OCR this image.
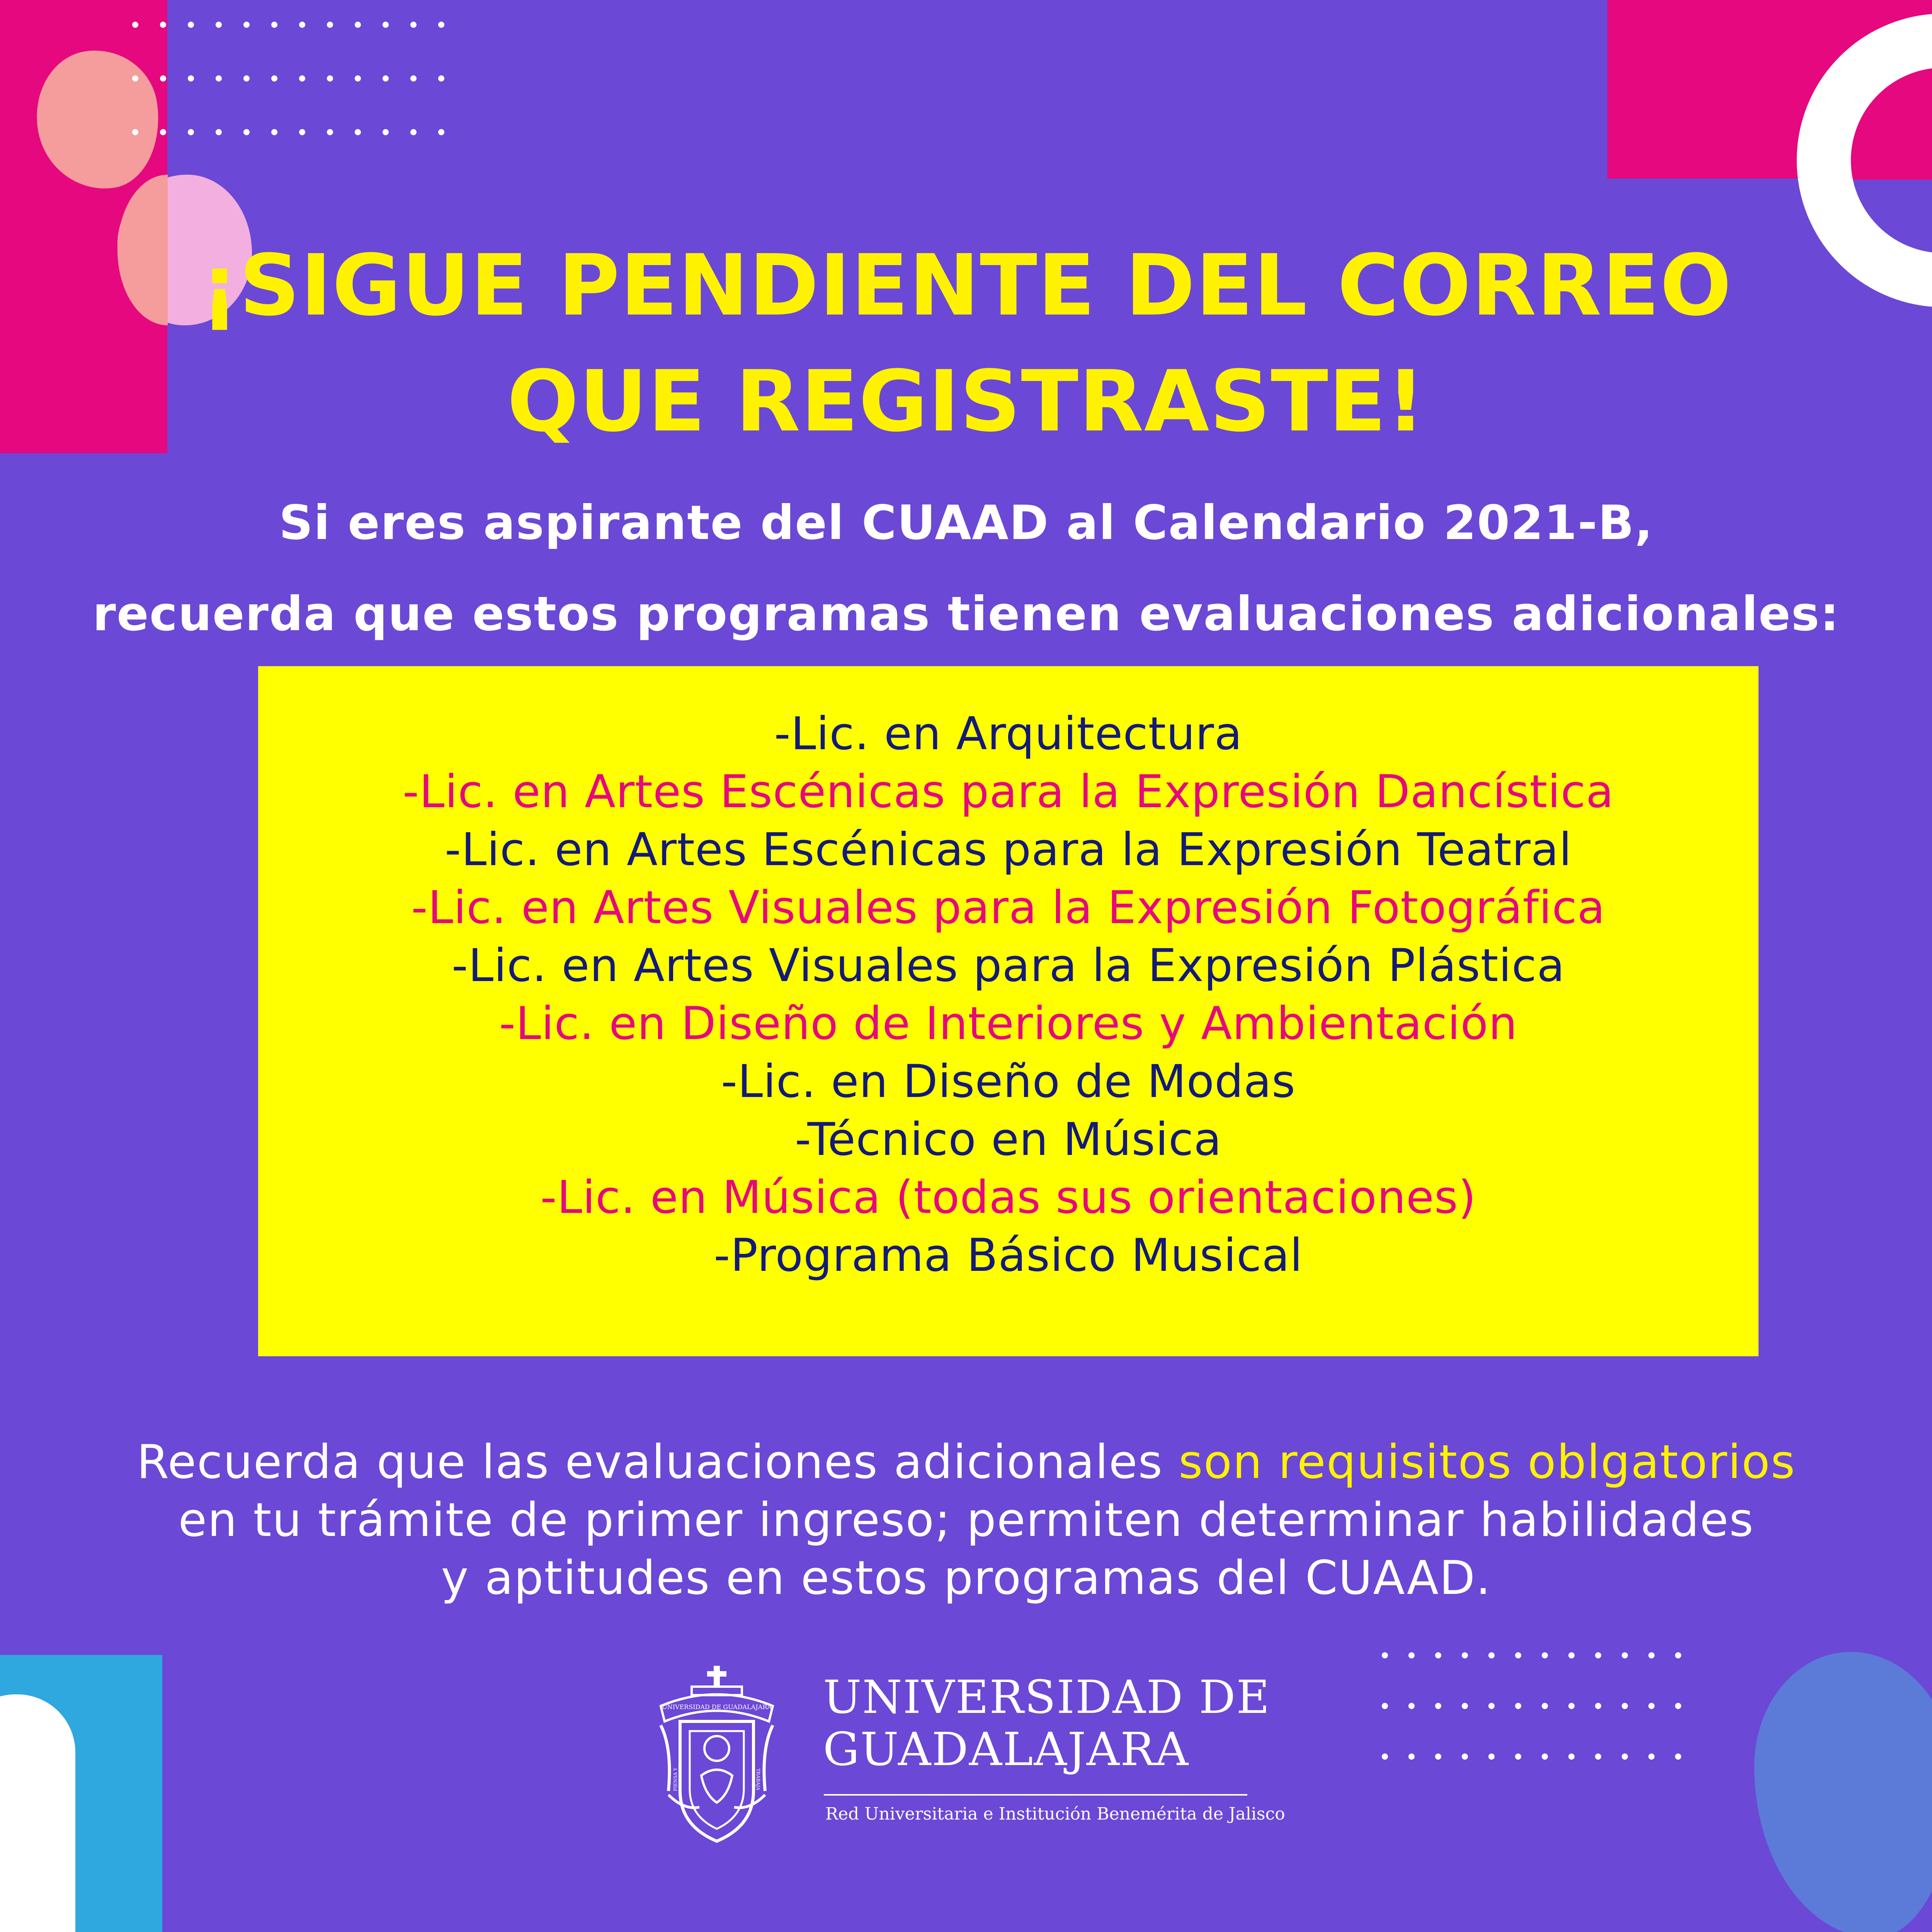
¡SIGUE PENDIENTE DEL CORREO
QUE REGISTRASTE!

Si eres aspirante del CUAAD al Calendario 2021-B,
recuerda que estos programas tienen evaluaciones adicionales:

-Lic. en Arquitectura
-Lic. en Artes Escénicas para la Expresión Dancística
-Lic. en Artes Escénicas para la Expresión Teatral
-Lic. en Artes Visuales para la Expresión Fotográfica
-Lic. en Artes Visuales para la Expresión Plástica
-Lic. en Diseño de Interiores y Ambientación
-Lic. en Diseño de Modas
-Técnico en Música
-Lic. en Música (todas sus orientaciones)
-Programa Básico Musical

Recuerda que las evaluaciones adicionales son requisitos oblgatorios
en tu trámite de primer ingreso; permiten determinar habilidades
y aptitudes en estos programas del CUAAD.

UNIVERSIDAD DE GUADALAJARA
PIENSA Y	TRABAJA
UNIVERSIDAD DE
GUADALAJARA
Red Universitaria e Institución Benemérita de Jalisco
